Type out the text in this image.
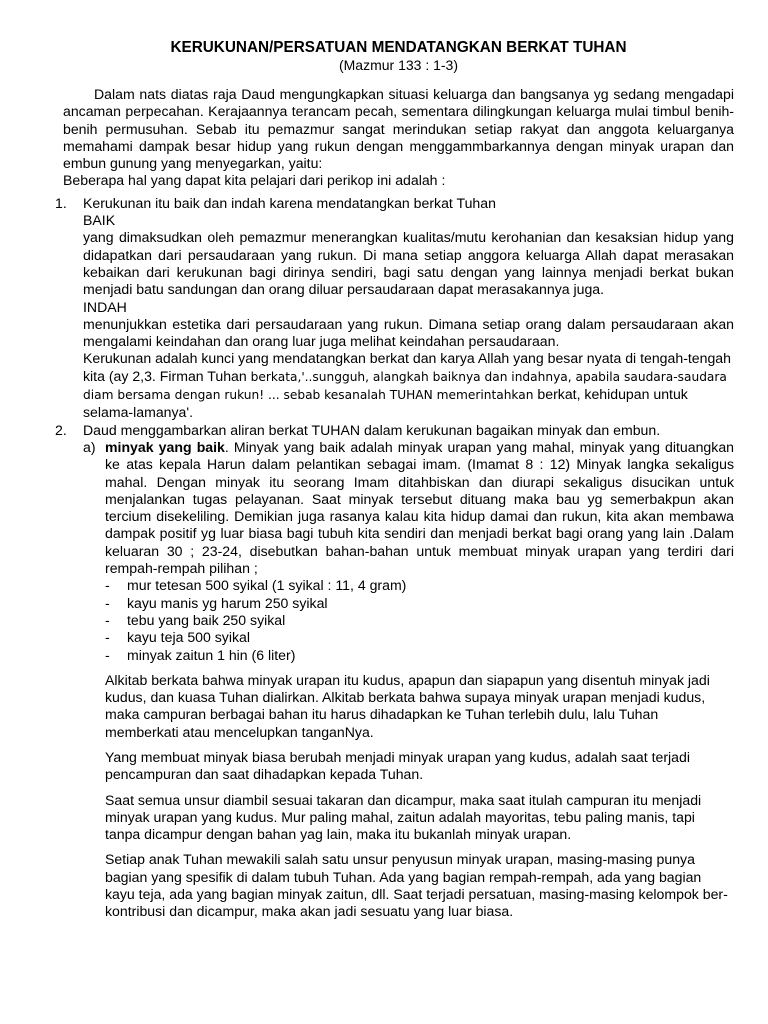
KERUKUNAN/PERSATUAN MENDATANGKAN BERKAT TUHAN

(Mazmur 133 : 1-3)

Dalam nats diatas raja Daud mengungkapkan situasi keluarga dan bangsanya yg sedang mengadapi ancaman perpecahan. Kerajaannya terancam pecah, sementara dilingkungan keluarga mulai timbul benih-benih permusuhan. Sebab itu pemazmur sangat merindukan setiap rakyat dan anggota keluarganya memahami dampak besar hidup yang rukun dengan menggammbarkannya dengan minyak urapan dan embun gunung yang menyegarkan, yaitu:

Beberapa hal yang dapat kita pelajari dari perikop ini adalah :

1. Kerukunan itu baik dan indah karena mendatangkan berkat Tuhan

BAIK

yang dimaksudkan oleh pemazmur menerangkan kualitas/mutu kerohanian dan kesaksian hidup yang didapatkan dari persaudaraan yang rukun. Di mana setiap anggora keluarga Allah dapat merasakan kebaikan dari kerukunan bagi dirinya sendiri, bagi satu dengan yang lainnya menjadi berkat bukan menjadi batu sandungan dan orang diluar persaudaraan dapat merasakannya juga.

INDAH

menunjukkan estetika dari persaudaraan yang rukun. Dimana setiap orang dalam persaudaraan akan mengalami keindahan dan orang luar juga melihat keindahan persaudaraan.

Kerukunan adalah kunci yang mendatangkan berkat dan karya Allah yang besar nyata di tengah-tengah kita (ay 2,3. Firman Tuhan berkata,'..sungguh, alangkah baiknya dan indahnya, apabila saudara-saudara diam bersama dengan rukun! ... sebab kesanalah TUHAN memerintahkan berkat, kehidupan untuk selama-lamanya'.

2. Daud menggambarkan aliran berkat TUHAN dalam kerukunan bagaikan minyak dan embun.

a) minyak yang baik. Minyak yang baik adalah minyak urapan yang mahal, minyak yang dituangkan ke atas kepala Harun dalam pelantikan sebagai imam. (Imamat 8 : 12) Minyak langka sekaligus mahal. Dengan minyak itu seorang Imam ditahbiskan dan diurapi sekaligus disucikan untuk menjalankan tugas pelayanan. Saat minyak tersebut dituang maka bau yg semerbakpun akan tercium disekeliling. Demikian juga rasanya kalau kita hidup damai dan rukun, kita akan membawa dampak positif yg luar biasa bagi tubuh kita sendiri dan menjadi berkat bagi orang yang lain .Dalam keluaran 30 ; 23-24, disebutkan bahan-bahan untuk membuat minyak urapan yang terdiri dari rempah-rempah pilihan ;

- mur tetesan 500 syikal (1 syikal : 11, 4 gram)
- kayu manis yg harum 250 syikal
- tebu yang baik 250 syikal
- kayu teja 500 syikal
- minyak zaitun 1 hin (6 liter)

Alkitab berkata bahwa minyak urapan itu kudus, apapun dan siapapun yang disentuh minyak jadi kudus, dan kuasa Tuhan dialirkan. Alkitab berkata bahwa supaya minyak urapan menjadi kudus, maka campuran berbagai bahan itu harus dihadapkan ke Tuhan terlebih dulu, lalu Tuhan memberkati atau mencelupkan tanganNya.

Yang membuat minyak biasa berubah menjadi minyak urapan yang kudus, adalah saat terjadi pencampuran dan saat dihadapkan kepada Tuhan.

Saat semua unsur diambil sesuai takaran dan dicampur, maka saat itulah campuran itu menjadi minyak urapan yang kudus. Mur paling mahal, zaitun adalah mayoritas, tebu paling manis, tapi tanpa dicampur dengan bahan yag lain, maka itu bukanlah minyak urapan.

Setiap anak Tuhan mewakili salah satu unsur penyusun minyak urapan, masing-masing punya bagian yang spesifik di dalam tubuh Tuhan. Ada yang bagian rempah-rempah, ada yang bagian kayu teja, ada yang bagian minyak zaitun, dll. Saat terjadi persatuan, masing-masing kelompok ber-kontribusi dan dicampur, maka akan jadi sesuatu yang luar biasa.
